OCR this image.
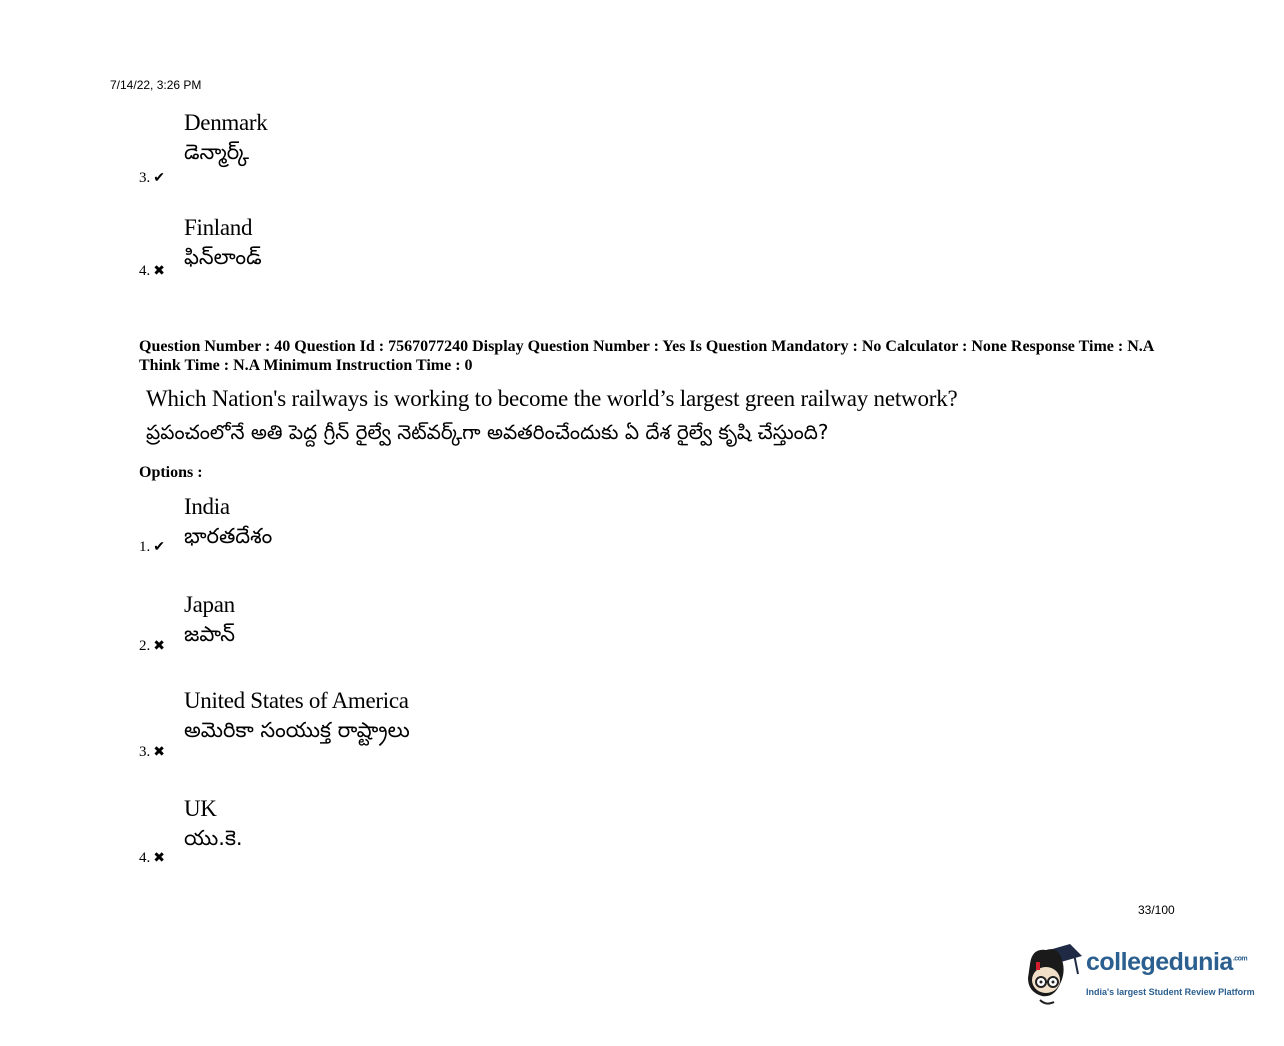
7/14/22, 3:26 PM
Denmark
డెన్మార్క్
3. ✔
Finland
ఫిన్‌లాండ్
4. ✖
Question Number : 40 Question Id : 7567077240 Display Question Number : Yes Is Question Mandatory : No Calculator : None Response Time : N.A Think Time : N.A Minimum Instruction Time : 0
Which Nation's railways is working to become the world’s largest green railway network?
ప్రపంచంలోనే అతి పెద్ద గ్రీన్ రైల్వే నెట్‌వర్క్‌గా అవతరించేందుకు ఏ దేశ రైల్వే కృషి చేస్తుంది?
Options :
India
భారతదేశం
1. ✔
Japan
జపాన్
2. ✖
United States of America
అమెరికా సంయుక్త రాష్ట్రాలు
3. ✖
UK
యు.కె.
4. ✖
33/100
collegedunia$^{.com}$
India's largest Student Review Platform
